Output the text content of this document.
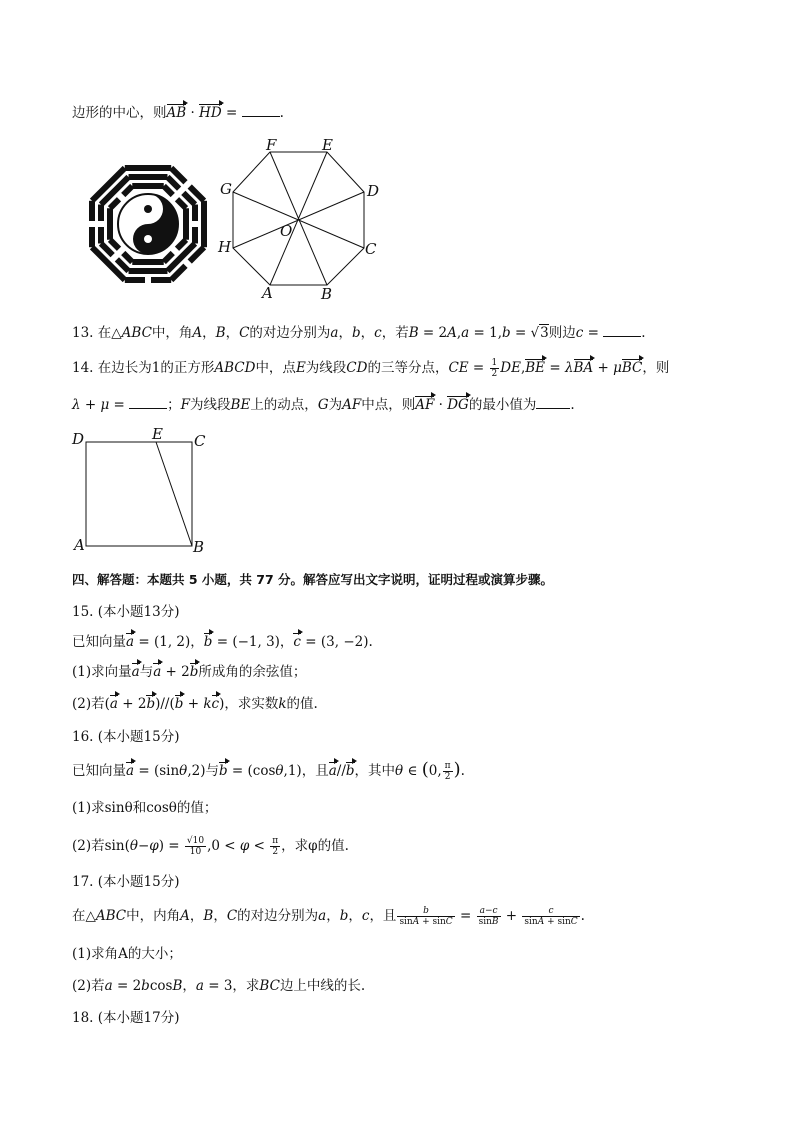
边形的中心，则AB · HD =	.
F	E
D
C
B
A
H
G
O
13. 在△ABC中，角A，B，C的对边分别为a，b，c，若B = 2A,a = 1,b = √3则边c =	.
14. 在边长为1的正方形ABCD中，点E为线段CD的三等分点，CE = $\frac{1}{2} DE,BE = \lambda BA + \mu BC$，则
λ + μ =	；F为线段BE上的动点，G为AF中点，则AF · DG的最小值为	.
D	E C
A	B
四、解答题：本题共 5 小题，共 77 分。解答应写出文字说明，证明过程或演算步骤。
15. (本小题13分)
已知向量a = (1, 2)，b = (−1, 3)，c = (3, −2).
(1)求向量a与a + 2b所成角的余弦值；
(2)若(a + 2b)//(b + kc)，求实数k的值.
16. (本小题15分)
已知向量a = (sinθ,2)与b = (cosθ,1)，且a//b，其中θ ∈ (0, $\frac{\pi}{2}$ ).
(1)求sinθ和cosθ的值；
(2)若$\sin(\theta-\varphi) = \frac{√10}{10} ,0 < \varphi < \frac{\pi}{2}$ ，求φ的值.
17. (本小题15分)
在△ABC中，内角A，B，C的对边分别为a，b，c，且 $\frac{b}{\sin A + \sin C} = \frac{a-c}{\sin B} + \frac{c}{\sin A + \sin C}$ .
(1)求角A的大小；
(2)若a = 2bcosB，a = 3，求BC边上中线的长.
18. (本小题17分)
